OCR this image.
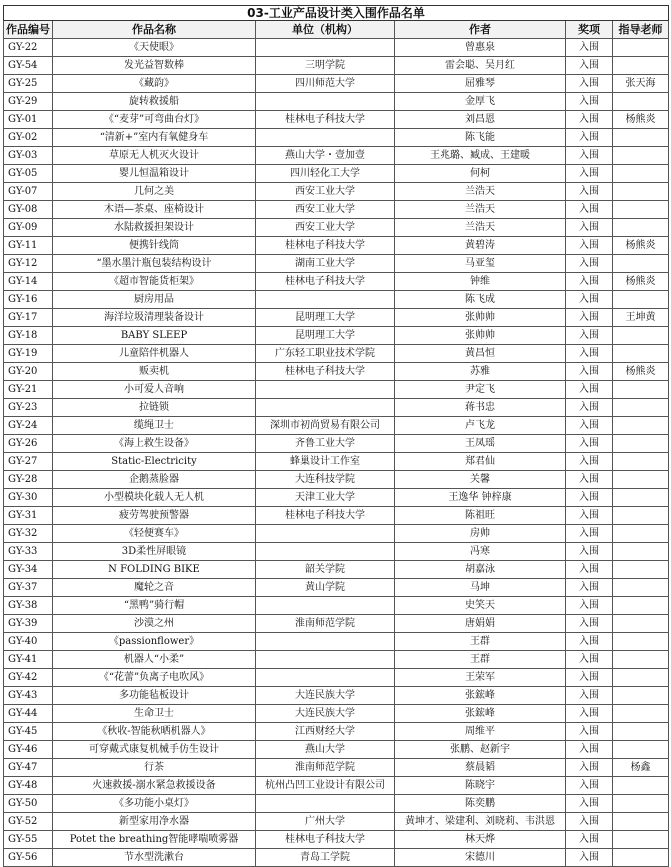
03-工业产品设计类入围作品名单					
作品编号	作品名称	单位（机构）	作者	奖项	指导老师
GY-22	《天使眼》		曾惠泉	入围	
GY-54	发光益智数棒	三明学院	雷会聪、吴月红	入围	
GY-25	《藏韵》	四川师范大学	屈雅琴	入围	张天海
GY-29	旋转救援船		金厚飞	入围	
GY-01	《“麦芽”可弯曲台灯》	桂林电子科技大学	刘昌恩	入围	杨熊炎
GY-02	“清新+”室内有氧健身车		陈飞能	入围	
GY-03	草原无人机灭火设计	燕山大学・壹加壹	王兆璐、臧成、王建暖	入围	
GY-05	婴儿恒温箱设计	四川轻化工大学	何柯	入围	
GY-07	几何之美	西安工业大学	兰浩天	入围	
GY-08	木语—茶桌、座椅设计	西安工业大学	兰浩天	入围	
GY-09	水陆救援担架设计	西安工业大学	兰浩天	入围	
GY-11	便携针线筒	桂林电子科技大学	黄碧涛	入围	杨熊炎
GY-12	“墨水墨汁瓶包装结构设计	湖南工业大学	马亚玺	入围	
GY-14	《超市智能货柜架》	桂林电子科技大学	钟维	入围	杨熊炎
GY-16	厨房用品		陈飞成	入围	
GY-17	海洋垃圾清理装备设计	昆明理工大学	张帅帅	入围	王坤黄
GY-18	BABY SLEEP	昆明理工大学	张帅帅	入围	
GY-19	儿童陪伴机器人	广东轻工职业技术学院	黄昌恒	入围	
GY-20	贩卖机	桂林电子科技大学	苏雅	入围	杨熊炎
GY-21	小可爱人音响		尹定飞	入围	
GY-23	拉链锁		蒋书忠	入围	
GY-24	缆绳卫士	深圳市初尚贸易有限公司	卢飞龙	入围	
GY-26	《海上救生设备》	齐鲁工业大学	王凤瑶	入围	
GY-27	Static-Electricity	蜂巢设计工作室	郑君仙	入围	
GY-28	企鹅蒸脸器	大连科技学院	关馨	入围	
GY-30	小型模块化载人无人机	天津工业大学	王逸华 钟梓康	入围	
GY-31	疲劳驾驶预警器	桂林电子科技大学	陈祖旺	入围	
GY-32	《轻便赛车》		房帅	入围	
GY-33	3D柔性屏眼镜		冯寒	入围	
GY-34	N FOLDING BIKE	韶关学院	胡嘉泳	入围	
GY-37	魔轮之音	黄山学院	马坤	入围	
GY-38	“黑鸭”骑行帽		史笑天	入围	
GY-39	沙漠之州	淮南师范学院	唐娟娟	入围	
GY-40	《passionflower》		王群	入围	
GY-41	机器人“小柔”		王群	入围	
GY-42	《“花蕾”负离子电吹风》		王荣军	入围	
GY-43	多功能毡板设计	大连民族大学	张鋐峰	入围	
GY-44	生命卫士	大连民族大学	张鋐峰	入围	
GY-45	《秋收-智能秋晒机器人》	江西财经大学	周维平	入围	
GY-46	可穿戴式康复机械手仿生设计	燕山大学	张鹏、赵新宇	入围	
GY-47	行茶	淮南师范学院	蔡晨韬	入围	杨鑫
GY-48	火速救援-溺水紧急救援设备	杭州凸凹工业设计有限公司	陈晓宇	入围	
GY-50	《多功能小桌灯》		陈奕鹏	入围	
GY-52	新型家用净水器	广州大学	黄坤才、梁建利、刘晓莉、韦洪恩	入围	
GY-55	Potet the breathing智能哮喘喷雾器	桂林电子科技大学	林天烨	入围	
GY-56	节水型洗漱台	青岛工学院	宋德川	入围	
